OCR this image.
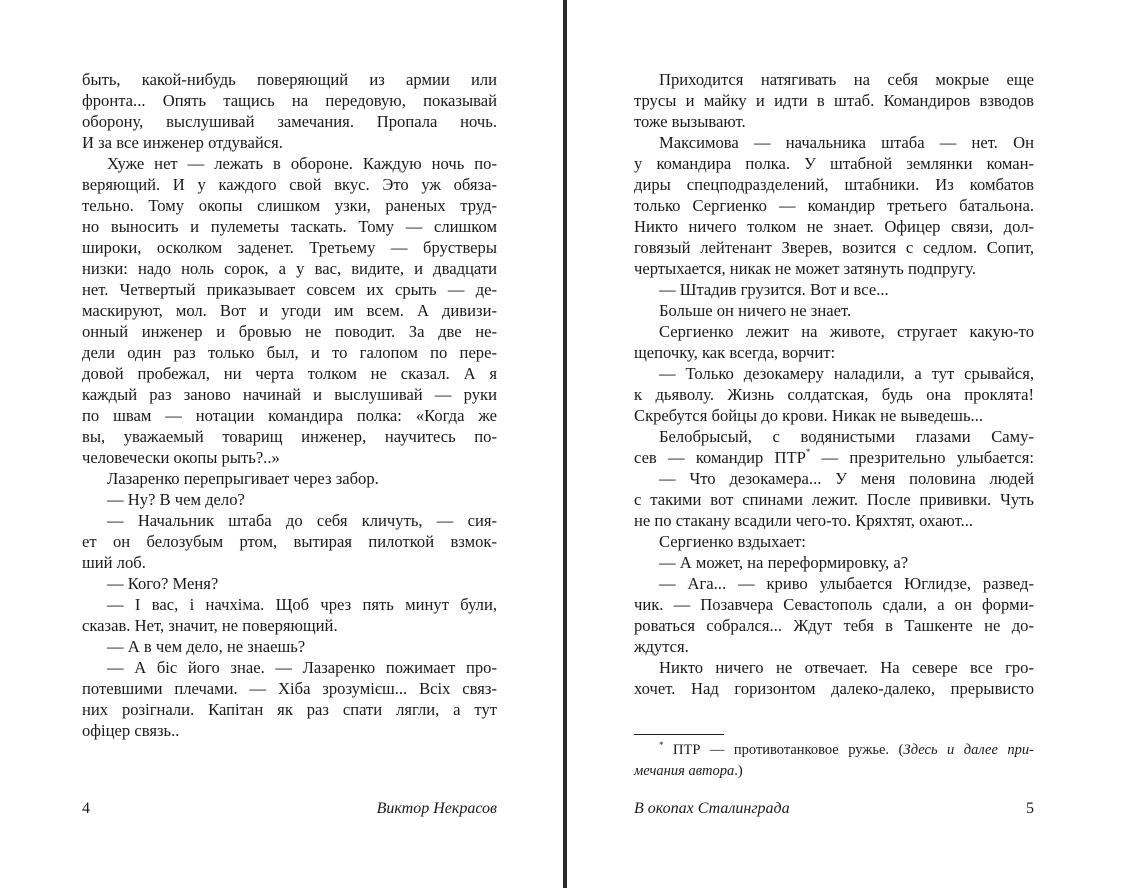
быть, какой-нибудь поверяющий из армии или
фронта... Опять тащись на передовую, показывай
оборону, выслушивай замечания. Пропала ночь.
И за все инженер отдувайся.
Хуже нет — лежать в обороне. Каждую ночь по-
веряющий. И у каждого свой вкус. Это уж обяза-
тельно. Тому окопы слишком узки, раненых труд-
но выносить и пулеметы таскать. Тому — слишком
широки, осколком заденет. Третьему — брустверы
низки: надо ноль сорок, а у вас, видите, и двадцати
нет. Четвертый приказывает совсем их срыть — де-
маскируют, мол. Вот и угоди им всем. А дивизи-
онный инженер и бровью не поводит. За две не-
дели один раз только был, и то галопом по пере-
довой пробежал, ни черта толком не сказал. А я
каждый раз заново начинай и выслушивай — руки
по швам — нотации командира полка: «Когда же
вы, уважаемый товарищ инженер, научитесь по-
человечески окопы рыть?..»
Лазаренко перепрыгивает через забор.
— Ну? В чем дело?
— Начальник штаба до себя кличуть, — сия-
ет он белозубым ртом, вытирая пилоткой взмок-
ший лоб.
— Кого? Меня?
— І вас, і начхіма. Щоб чрез пять минут були,
сказав. Нет, значит, не поверяющий.
— А в чем дело, не знаешь?
— А біс його знае. — Лазаренко пожимает про-
потевшими плечами. — Хіба зрозумієш... Всіх связ-
них розігнали. Капітан як раз спати лягли, а тут
офіцер связь..
Приходится натягивать на себя мокрые еще
трусы и майку и идти в штаб. Командиров взводов
тоже вызывают.
Максимова — начальника штаба — нет. Он
у командира полка. У штабной землянки коман-
диры спецподразделений, штабники. Из комбатов
только Сергиенко — командир третьего батальона.
Никто ничего толком не знает. Офицер связи, дол-
говязый лейтенант Зверев, возится с седлом. Сопит,
чертыхается, никак не может затянуть подпругу.
— Штадив грузится. Вот и все...
Больше он ничего не знает.
Сергиенко лежит на животе, стругает какую-то
щепочку, как всегда, ворчит:
— Только дезокамеру наладили, а тут срывайся,
к дьяволу. Жизнь солдатская, будь она проклята!
Скребутся бойцы до крови. Никак не выведешь...
Белобрысый, с водянистыми глазами Саму-
сев — командир ПТР* — презрительно улыбается:
— Что дезокамера... У меня половина людей
с такими вот спинами лежит. После прививки. Чуть
не по стакану всадили чего-то. Кряхтят, охают...
Сергиенко вздыхает:
— А может, на переформировку, а?
— Ага... — криво улыбается Юглидзе, развед-
чик. — Позавчера Севастополь сдали, а он форми-
роваться собрался... Ждут тебя в Ташкенте не до-
ждутся.
Никто ничего не отвечает. На севере все гро-
хочет. Над горизонтом далеко-далеко, прерывисто
* ПТР — противотанковое ружье. (Здесь и далее при-
мечания автора.)
4	Виктор Некрасов	В окопах Сталинграда	5
